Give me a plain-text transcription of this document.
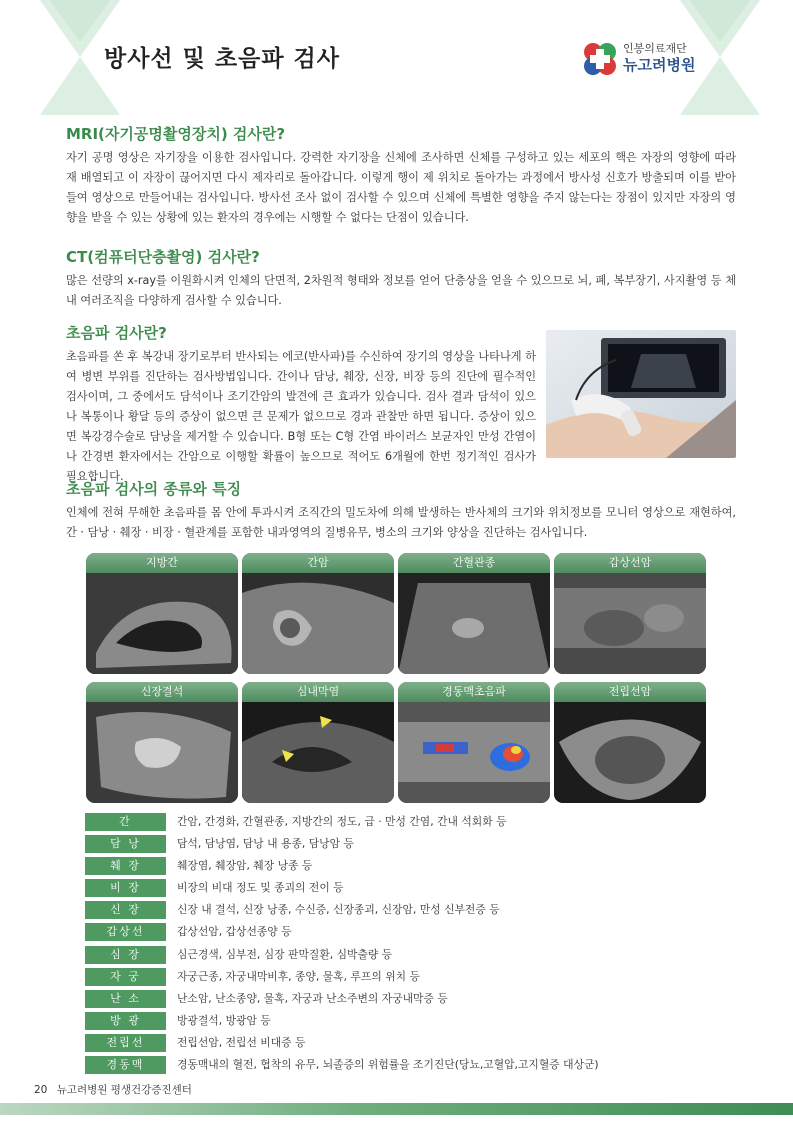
방사선 및 초음파 검사	인봉의료재단
뉴고려병원
MRI(자기공명촬영장치) 검사란?

자기 공명 영상은 자기장을 이용한 검사입니다. 강력한 자기장을 신체에 조사하면 신체를 구성하고 있는 세포의 핵은 자장의 영향에 따라 재 배열되고 이 자장이 끊어지면 다시 제자리로 돌아갑니다. 이렇게 행이 제 위치로 돌아가는 과정에서 방사성 신호가 방출되며 이를 받아들여 영상으로 만들어내는 검사입니다. 방사선 조사 없이 검사할 수 있으며 신체에 특별한 영향을 주지 않는다는 장점이 있지만 자장의 영향을 받을 수 있는 상황에 있는 환자의 경우에는 시행할 수 없다는 단점이 있습니다.

CT(컴퓨터단층촬영) 검사란?

많은 선량의 x-ray를 이원화시켜 인체의 단면적, 2차원적 형태와 정보를 얻어 단층상을 얻을 수 있으므로 뇌, 폐, 복부장기, 사지촬영 등 체내 여러조직을 다양하게 검사할 수 있습니다.

초음파 검사란?

초음파를 쏜 후 복강내 장기로부터 반사되는 에코(반사파)를 수신하여 장기의 영상을 나타나게 하여 병변 부위를 진단하는 검사방법입니다. 간이나 담낭, 췌장, 신장, 비장 등의 진단에 필수적인 검사이며, 그 중에서도 담석이나 조기간암의 발견에 큰 효과가 있습니다. 검사 결과 담석이 있으나 복통이나 황달 등의 증상이 없으면 큰 문제가 없으므로 경과 관찰만 하면 됩니다. 증상이 있으면 복강경수술로 담낭을 제거할 수 있습니다. B형 또는 C형 간염 바이러스 보균자인 만성 간염이나 간경변 환자에서는 간암으로 이행할 확률이 높으므로 적어도 6개월에 한번 정기적인 검사가 필요합니다.

초음파 검사의 종류와 특징

인체에 전혀 무해한 초음파를 몸 안에 투과시켜 조직간의 밀도차에 의해 발생하는 반사체의 크기와 위치정보를 모니터 영상으로 재현하여, 간 · 담낭 · 췌장 · 비장 · 혈관계를 포함한 내과영역의 질병유무, 병소의 크기와 양상을 진단하는 검사입니다.

지방간	간암	간혈관종	갑상선암
신장결석	심내막염	경동맥초음파	전립선암
간	간암, 간경화, 간혈관종, 지방간의 정도, 급 · 만성 간염, 간내 석회화 등
담 낭	담석, 담낭염, 담낭 내 용종, 담낭암 등
췌 장	췌장염, 췌장암, 췌장 낭종 등
비 장	비장의 비대 정도 및 종괴의 전이 등
신 장	신장 내 결석, 신장 낭종, 수신증, 신장종괴, 신장암, 만성 신부전증 등
갑상선	갑상선암, 갑상선종양 등
심 장	심근경색, 심부전, 심장 판막질환, 심박출량 등
자 궁	자궁근종, 자궁내막비후, 종양, 물혹, 루프의 위치 등
난 소	난소암, 난소종양, 물혹, 자궁과 난소주변의 자궁내막증 등
방 광	방광결석, 방광암 등
전립선	전립선암, 전립선 비대증 등
경동맥	경동맥내의 혈전, 협착의 유무, 뇌졸증의 위험률을 조기진단(당뇨,고혈압,고지혈증 대상군)
20 뉴고려병원 평생건강증진센터
